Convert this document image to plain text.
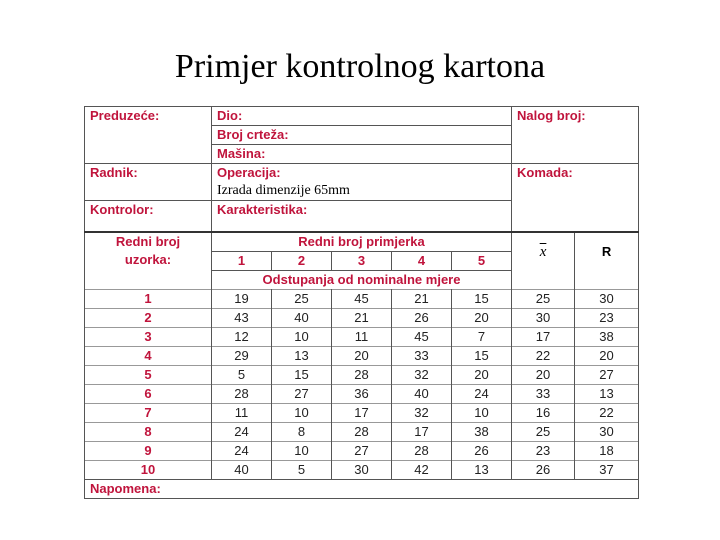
Primjer kontrolnog kartona
Preduzeće:	Dio:					Nalog broj:	
	Broj crteža:						
	Mašina:						
Radnik:	Operacija:					Komada:	
	Izrada dimenzije 65mm						
Kontrolor:	Karakteristika:						

Redni broj
uzorka:	Redni broj primjerka					$\overline{x}$	R
	1	2	3	4	5		
	Odstupanja od nominalne mjere						
1	19	25	45	21	15	25	30
2	43	40	21	26	20	30	23
3	12	10	11	45	7	17	38
4	29	13	20	33	15	22	20
5	5	15	28	32	20	20	27
6	28	27	36	40	24	33	13
7	11	10	17	32	10	16	22
8	24	8	28	17	38	25	30
9	24	10	27	28	26	23	18
10	40	5	30	42	13	26	37
Napomena:							
